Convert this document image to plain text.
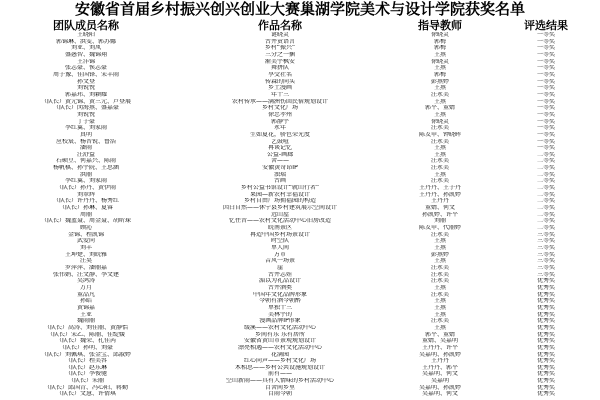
安徽省首届乡村振兴创兴创业大赛巢湖学院美术与设计学院获奖名单
团队成员名称	作品名称	指导教师	评选结果
王晓阳	谜晓灵	徐晓灵	一等奖
郭锦琳、洪雯、郭苏娜	古井贡语言	郭梅	一等奖
刘亚、刘凤	乡村“振兴”	郭梅	一等奖
盛愚智、魏锦翔	三分之一捆	王燕	一等奖
王洋锦	渐美宇枫安	徐晓灵	一等奖
张志豪、侯志豪	舞拼队	王燕	一等奖
周子豫、佳国锋、宋丰雨	享受社名	郭梅	一等奖
孙文登	传森的同头	彭燕婷	一等奖
刘锐悦	乡土漫画	王燕	一等奖
郭嘉玮、刘颖耀	年十三	汪永美	一等奖
（队长）黄元锦、黄三元、卢登展	农村传承——满洲伤回民宿规划设计	王燕	一等奖
（队长）闵海燕、盛嘉豪	乡村文化广场	郭平、董婧	一等奖
刘锐悦	徐忠孝州	王燕	一等奖
丁子豪	郭静宇	徐晓灵	一等奖
李红翼、刘家雨	永年	汪永美	一等奖
真明	生如夏花，骄色荣光度	陈友申、钟晓晖	一等奖
应校宸、杨晋锐、鲁浩	艺鼓喧	汪永美	一等奖
潘雨	再谈记忆	王燕	一等奖
汪舒益	公益-画廊	王燕	二等奖
石硕豆、何嘉兴、陈雨	舍——	汪永美	二等奖
杨帆棋、孙宇院、王思涵	安徽黄奇昂IP	汪永美	二等奖
洪丽	浊瑞	王燕	二等奖
李红翼、刘家雨	古画	汪永美	二等奖
（队长）孙丹、黄伊雨	乡村公益书馆设计“就山行者”	王丹丹、王子丹	二等奖
刘翠辉	果园—新农村幸福设计	王丹丹、孙凯婷	二等奖
（队长）许丹丹、杨秀红	乡村自由广场拥福园的构造	王丹丹	二等奖
（队长）孙琳、夏睿	因白自然——休宁县乡村建筑展示空间设计	董婧、何文	二等奖
周丽	远山屋	孙凯婷、许平	二等奖
（队长）魏蓝聂、周金聂、胡昕琛	忆往昔——农村文化活动中心旧房改造	刘丽	二等奖
顾沁	皖南景区	陈友申、代丽婷	二等奖
金锦、程凯锦	再造中国乡村场景设计	汪永美	三等奖
武爱同	时空队	王燕	三等奖
刘丰	单人间	王燕	三等奖
王坤楚、刘皖雅	方市	彭燕婷	三等奖
汪昊	吉风一场景	王燕	三等奖
罗萍萍、潘丽嘉	崖	汪永美	三等奖
张伟娟、汪文静、李文建	古井志娃	汪永美	三等奖
吴鸿涛	湄以为礼品设计	汪永美	优秀奖
万月	古井酒类	王燕	优秀奖
董品凡	中国年文化品牌形象	汪永美	优秀奖
孙皓	今朝有酒今朝醉	王燕	优秀奖
黄锦嘉	单独十三	王燕	优秀奖
王亚	美林宇的	王燕	优秀奖
魏雨丽	漫画品牌IP形象	汪永美	优秀奖
（队长）高涛、刘佳丽、黄静怡	缓溪——农村文化活动中心	王燕	优秀奖
（队长）宋乙、陈丽、佳绽媛	乡间有乐 乐有居所	郭平、董婧	优秀奖
（队长）魏荣、孔佳芮	安徽省黄山市景观规划设计	董婧、吴嘉明	优秀奖
（队长）孙明、刘豪	漂亮相遇——农村文化活动中心	王丹丹、许平	优秀奖
（队长）刘佩琪、张金宝、邱淑婷	花满园	吴嘉明、孙凯婷	优秀奖
（队长）程美容	红心同声——乡村文化广场	王丹丹	优秀奖
（队长）赵东琳	木相思——乡村公共设施规划设计	王丹丹、郭平	优秀奖
（队长）李俊驰	前有——	吴嘉明、何文	优秀奖
（队长）朱丽	空山新雨——具有人情味的乡村活动中心	吴嘉明	优秀奖
（队长）邱国青、冯心阳、蒋勤	百舍间乡里	吴嘉明、孙凯婷	优秀奖
（队长）文慧、许倩琪	百雨今朝	吴嘉明、何文	优秀奖
